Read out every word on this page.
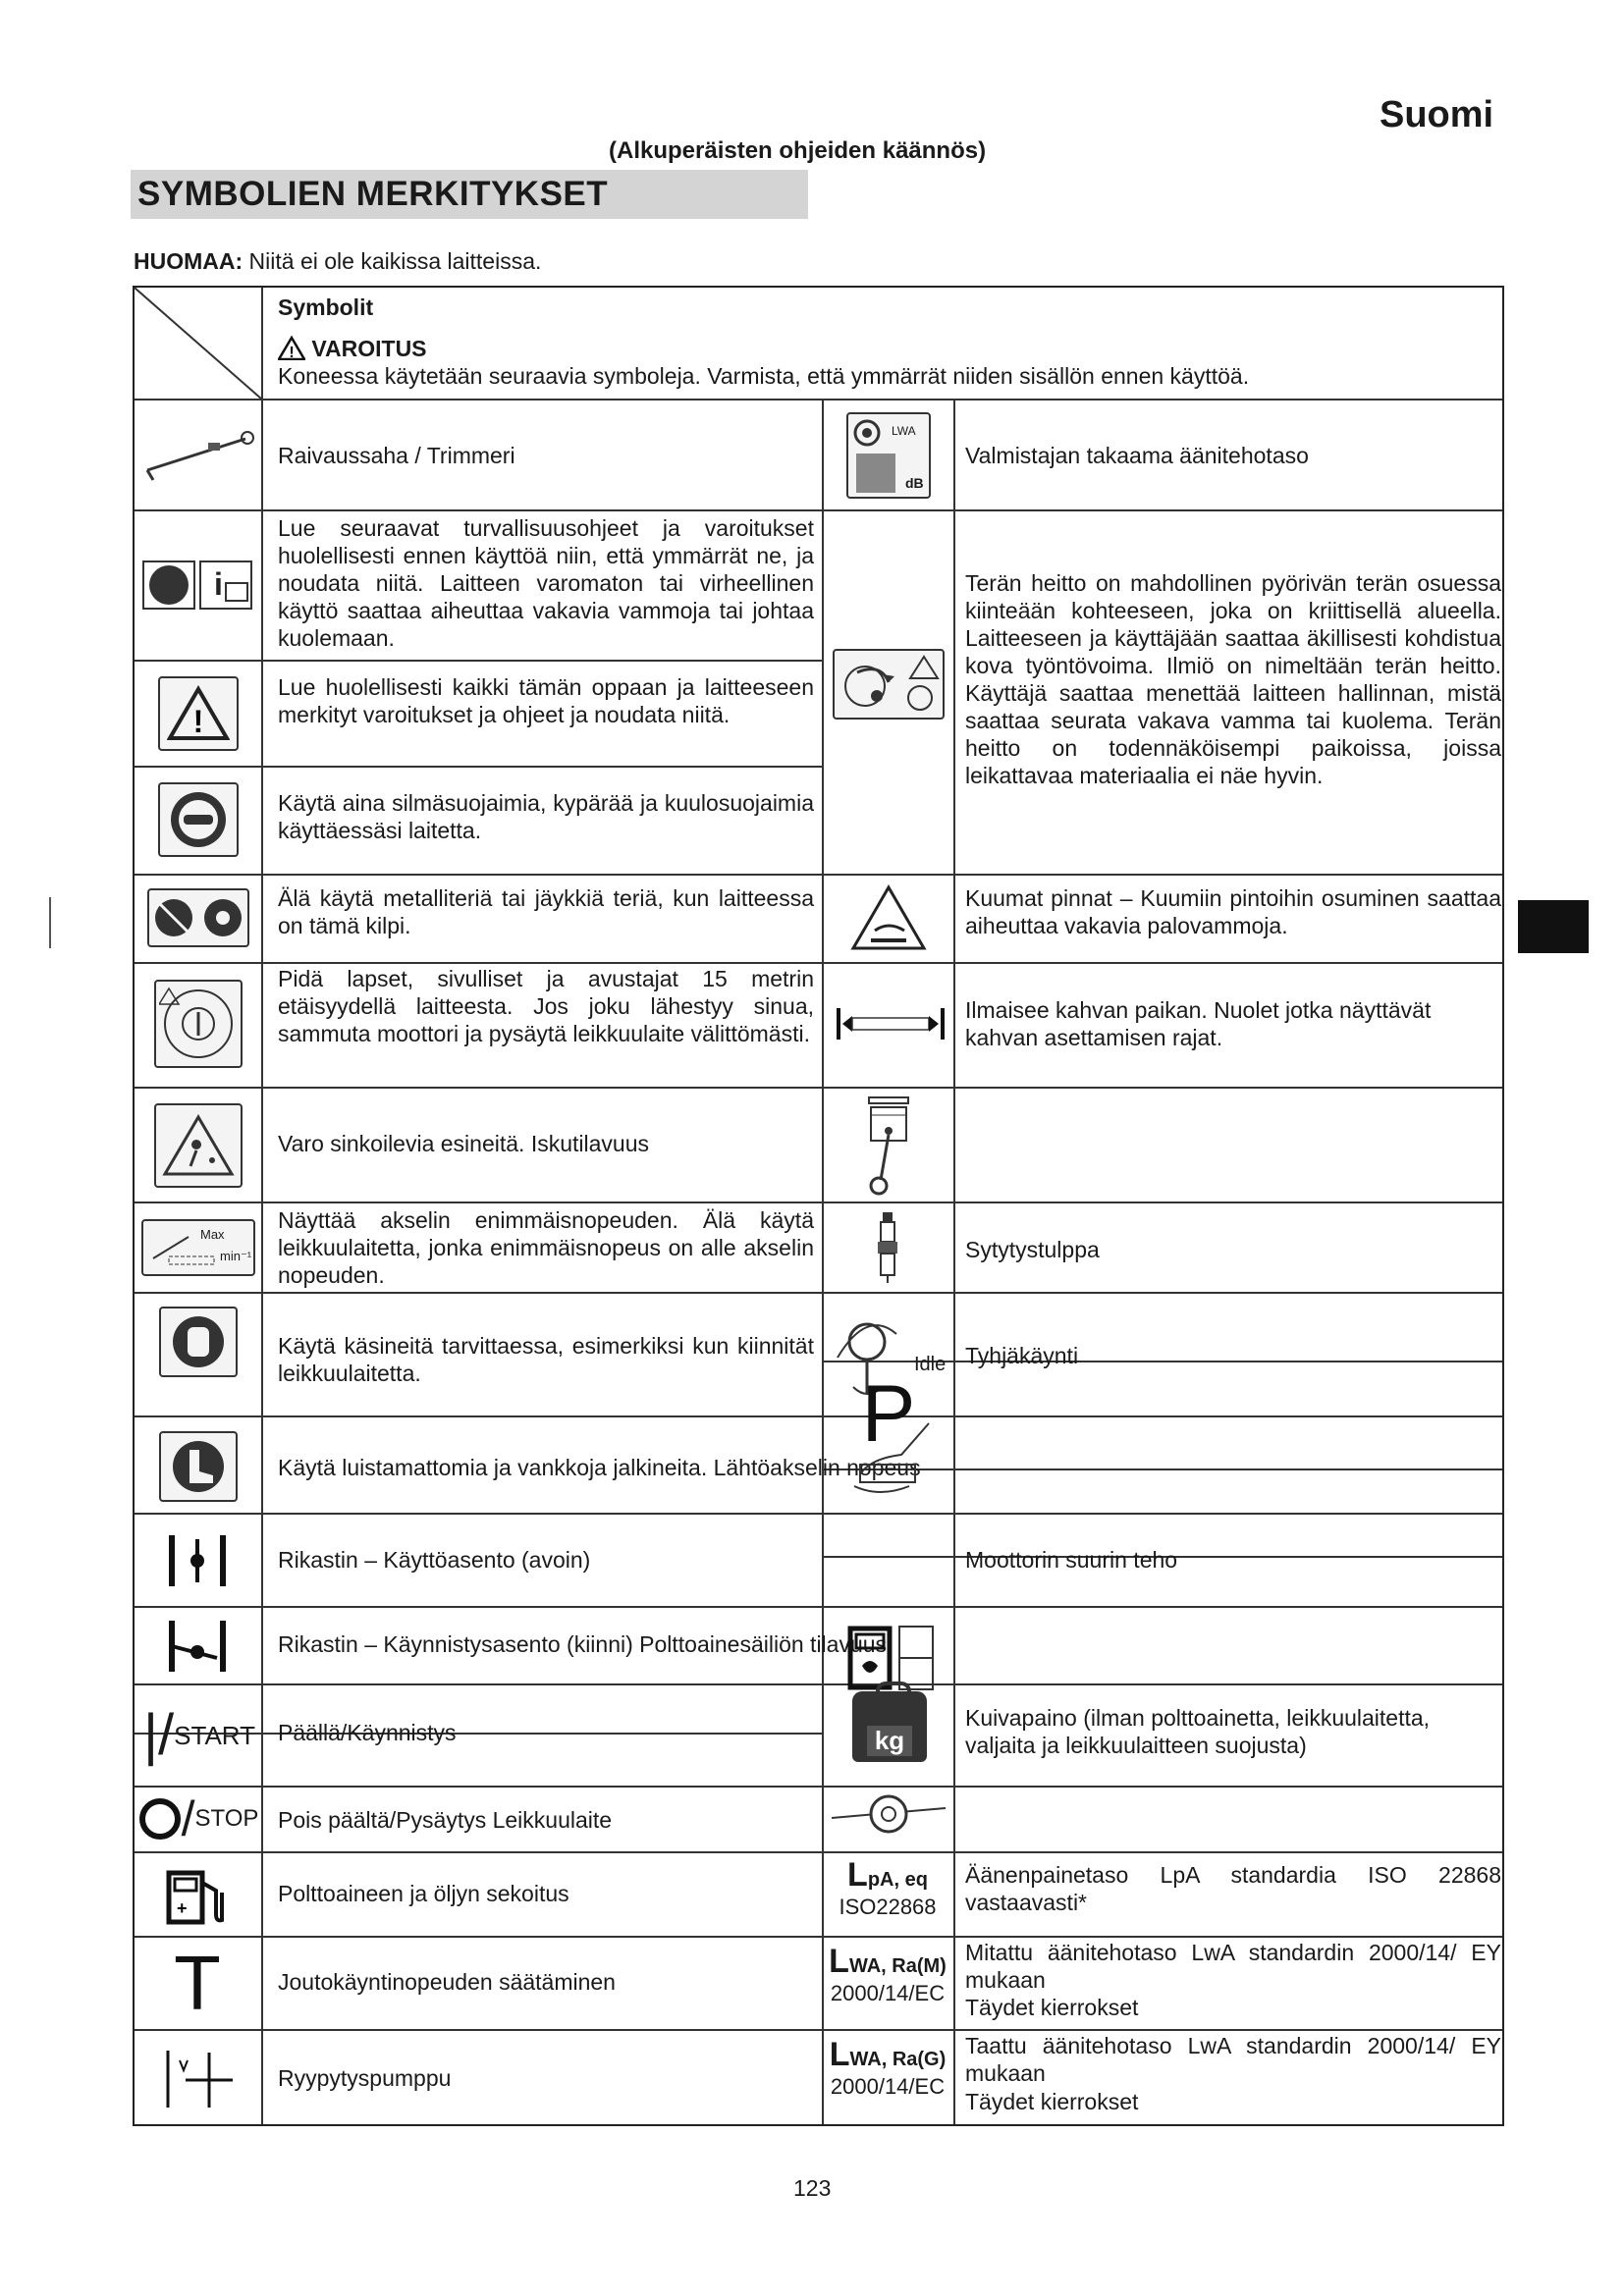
Suomi
(Alkuperäisten ohjeiden käännös)
SYMBOLIEN MERKITYKSET
HUOMAA: Niitä ei ole kaikissa laitteissa.
Symbolit
! VAROITUS
Koneessa käytetään seuraavia symboleja. Varmista, että ymmärrät niiden sisällön ennen käyttöä.
Raivaussaha / Trimmeri
i
Lue seuraavat turvallisuusohjeet ja varoitukset huolellisesti ennen käyttöä niin, että ymmärrät ne, ja noudata niitä. Laitteen varomaton tai virheellinen käyttö saattaa aiheuttaa vakavia vammoja tai johtaa kuolemaan.
!
Lue huolellisesti kaikki tämän oppaan ja laitteeseen merkityt varoitukset ja ohjeet ja noudata niitä.
Käytä aina silmäsuojaimia, kypärää ja kuulosuojaimia käyttäessäsi laitetta.
Älä käytä metalliteriä tai jäykkiä teriä, kun laitteessa on tämä kilpi.
Pidä lapset, sivulliset ja avustajat 15 metrin etäisyydellä laitteesta. Jos joku lähestyy sinua, sammuta moottori ja pysäytä leikkuulaite välittömästi.
Varo sinkoilevia esineitä. Iskutilavuus
Max
min⁻¹
Näyttää akselin enimmäisnopeuden. Älä käytä leikkuulaitetta, jonka enimmäisnopeus on alle akselin nopeuden.
Käytä käsineitä tarvittaessa, esimerkiksi kun kiinnität leikkuulaitetta.
Käytä luistamattomia ja vankkoja jalkineita. Lähtöakselin nopeus
Rikastin – Käyttöasento (avoin)
Rikastin – Käynnistysasento (kiinni) Polttoainesäiliön tilavuus
|/ START Päällä/Käynnistys
/ STOP Pois päältä/Pysäytys Leikkuulaite
+
Polttoaineen ja öljyn sekoitus
T	Joutokäyntinopeuden säätäminen
Ryypytyspumppu
LWA
dB
Valmistajan takaama äänitehotaso
Terän heitto on mahdollinen pyörivän terän osuessa kiinteään kohteeseen, joka on kriittisellä alueella. Laitteeseen ja käyttäjään saattaa äkillisesti kohdistua kova työntövoima. Ilmiö on nimeltään terän heitto. Käyttäjä saattaa menettää laitteen hallinnan, mistä saattaa seurata vakava vamma tai kuolema. Terän heitto on todennäköisempi paikoissa, joissa leikattavaa materiaalia ei näe hyvin.
Kuumat pinnat – Kuumiin pintoihin osuminen saattaa aiheuttaa vakavia palovammoja.
Ilmaisee kahvan paikan. Nuolet jotka näyttävät kahvan asettamisen rajat.
Sytytystulppa
Idle Tyhjäkäynti
P
Moottorin suurin teho
kg
Kuivapaino (ilman polttoainetta, leikkuulaitetta, valjaita ja leikkuulaitteen suojusta)
LpA, eq
ISO22868
Äänenpainetaso LpA standardia ISO 22868 vastaavasti*
LWA, Ra(M)
2000/14/EC
Mitattu äänitehotaso LwA standardin 2000/14/ EY mukaan
Täydet kierrokset
LWA, Ra(G)
2000/14/EC
Taattu äänitehotaso LwA standardin 2000/14/ EY mukaan
Täydet kierrokset
123
